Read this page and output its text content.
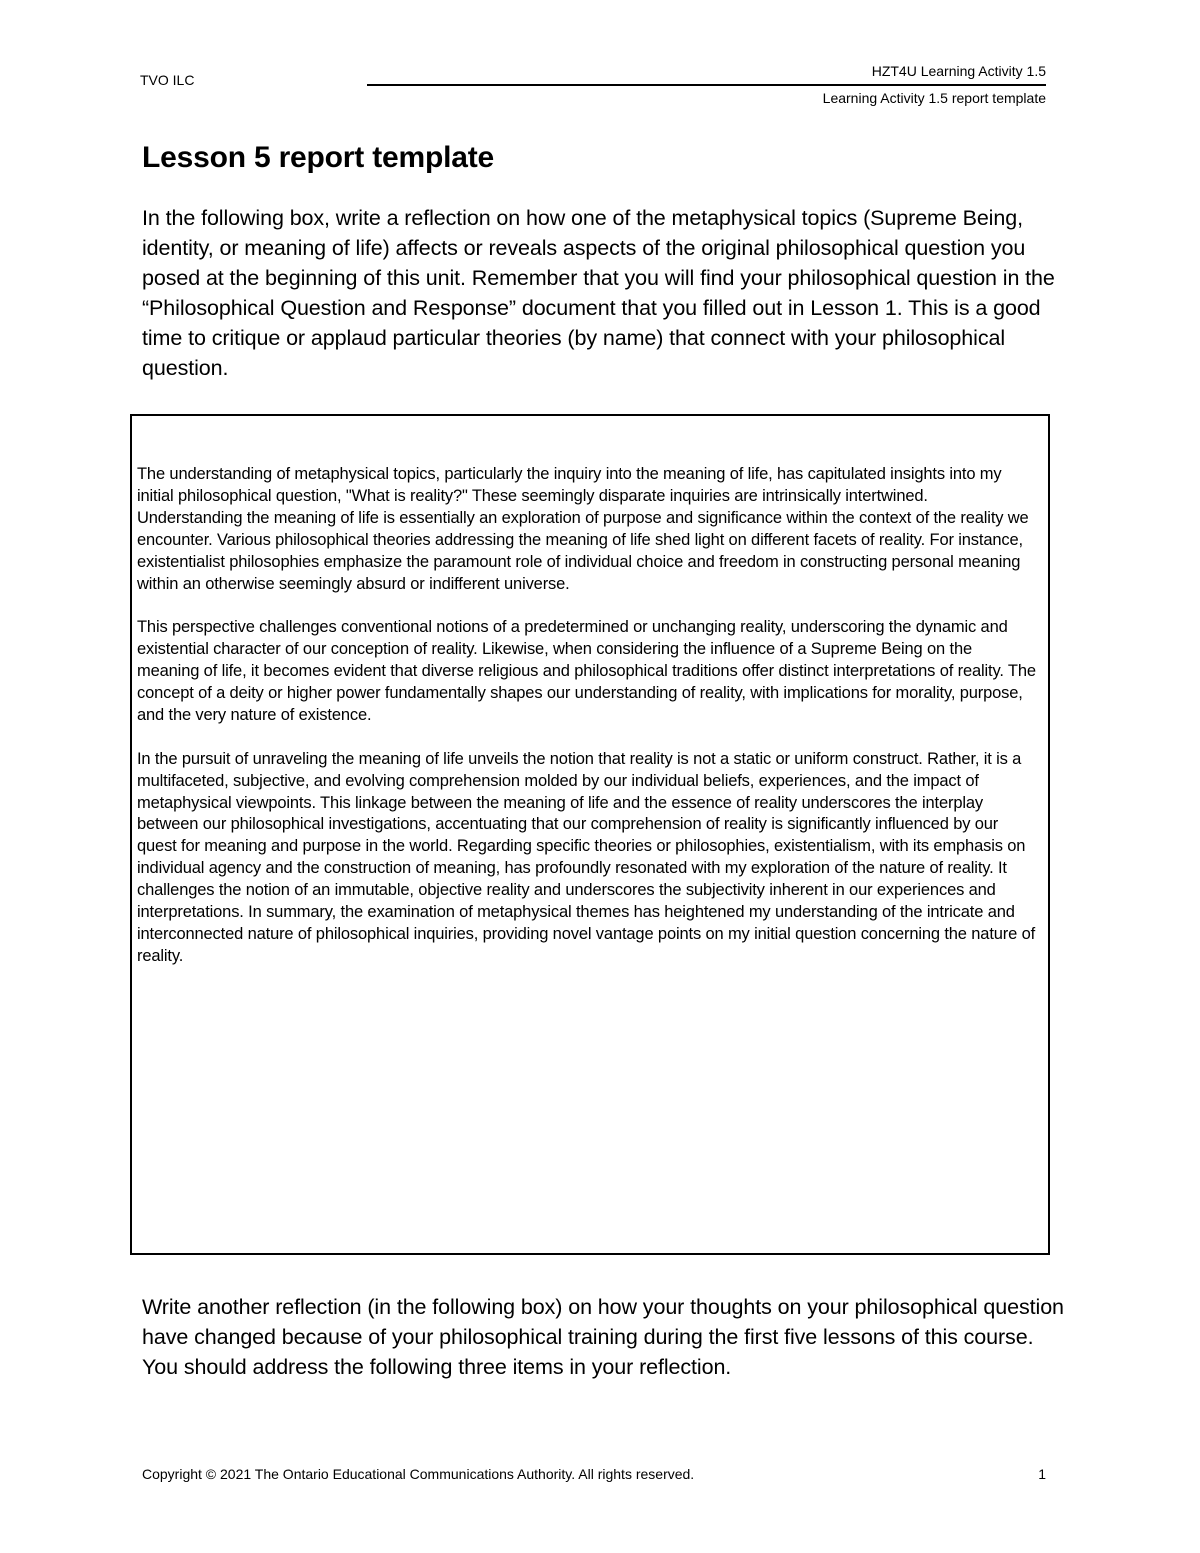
TVO ILC
HZT4U Learning Activity 1.5
Learning Activity 1.5 report template
Lesson 5 report template

In the following box, write a reflection on how one of the metaphysical topics (Supreme Being, identity, or meaning of life) affects or reveals aspects of the original philosophical question you posed at the beginning of this unit. Remember that you will find your philosophical question in the “Philosophical Question and Response” document that you filled out in Lesson 1. This is a good time to critique or applaud particular theories (by name) that connect with your philosophical question.

The understanding of metaphysical topics, particularly the inquiry into the meaning of life, has capitulated insights into my initial philosophical question, "What is reality?" These seemingly disparate inquiries are intrinsically intertwined. Understanding the meaning of life is essentially an exploration of purpose and significance within the context of the reality we encounter. Various philosophical theories addressing the meaning of life shed light on different facets of reality. For instance, existentialist philosophies emphasize the paramount role of individual choice and freedom in constructing personal meaning within an otherwise seemingly absurd or indifferent universe.

This perspective challenges conventional notions of a predetermined or unchanging reality, underscoring the dynamic and existential character of our conception of reality. Likewise, when considering the influence of a Supreme Being on the meaning of life, it becomes evident that diverse religious and philosophical traditions offer distinct interpretations of reality. The concept of a deity or higher power fundamentally shapes our understanding of reality, with implications for morality, purpose, and the very nature of existence.

In the pursuit of unraveling the meaning of life unveils the notion that reality is not a static or uniform construct. Rather, it is a multifaceted, subjective, and evolving comprehension molded by our individual beliefs, experiences, and the impact of metaphysical viewpoints. This linkage between the meaning of life and the essence of reality underscores the interplay between our philosophical investigations, accentuating that our comprehension of reality is significantly influenced by our quest for meaning and purpose in the world. Regarding specific theories or philosophies, existentialism, with its emphasis on individual agency and the construction of meaning, has profoundly resonated with my exploration of the nature of reality. It challenges the notion of an immutable, objective reality and underscores the subjectivity inherent in our experiences and interpretations. In summary, the examination of metaphysical themes has heightened my understanding of the intricate and interconnected nature of philosophical inquiries, providing novel vantage points on my initial question concerning the nature of reality.

Write another reflection (in the following box) on how your thoughts on your philosophical question have changed because of your philosophical training during the first five lessons of this course. You should address the following three items in your reflection.

Copyright © 2021 The Ontario Educational Communications Authority. All rights reserved.	1
